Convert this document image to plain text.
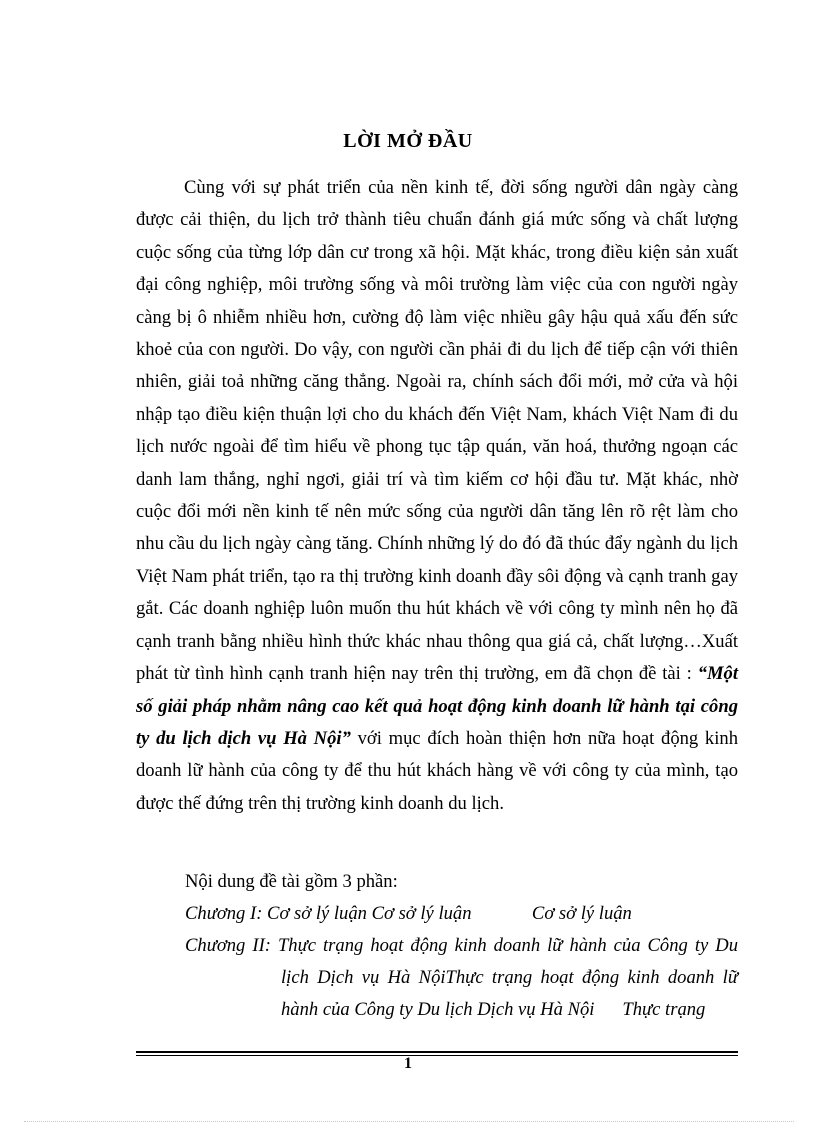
LỜI MỞ ĐẦU

Cùng với sự phát triển của nền kinh tế, đời sống người dân ngày càng được cải thiện, du lịch trở thành tiêu chuẩn đánh giá mức sống và chất lượng cuộc sống của từng lớp dân cư trong xã hội. Mặt khác, trong điều kiện sản xuất đại công nghiệp, môi trường sống và môi trường làm việc của con người ngày càng bị ô nhiễm nhiều hơn, cường độ làm việc nhiều gây hậu quả xấu đến sức khoẻ của con người. Do vậy, con người cần phải đi du lịch để tiếp cận với thiên nhiên, giải toả những căng thẳng. Ngoài ra, chính sách đổi mới, mở cửa và hội nhập tạo điều kiện thuận lợi cho du khách đến Việt Nam, khách Việt Nam đi du lịch nước ngoài để tìm hiểu về phong tục tập quán, văn hoá, thưởng ngoạn các danh lam thắng, nghỉ ngơi, giải trí và tìm kiếm cơ hội đầu tư. Mặt khác, nhờ cuộc đổi mới nền kinh tế nên mức sống của người dân tăng lên rõ rệt làm cho nhu cầu du lịch ngày càng tăng. Chính những lý do đó đã thúc đẩy ngành du lịch Việt Nam phát triển, tạo ra thị trường kinh doanh đầy sôi động và cạnh tranh gay gắt. Các doanh nghiệp luôn muốn thu hút khách về với công ty mình nên họ đã cạnh tranh bằng nhiều hình thức khác nhau thông qua giá cả, chất lượng…Xuất phát từ tình hình cạnh tranh hiện nay trên thị trường, em đã chọn đề tài : “Một số giải pháp nhằm nâng cao kết quả hoạt động kinh doanh lữ hành tại công ty du lịch dịch vụ Hà Nội” với mục đích hoàn thiện hơn nữa hoạt động kinh doanh lữ hành của công ty để thu hút khách hàng về với công ty của mình, tạo được thế đứng trên thị trường kinh doanh du lịch.

Nội dung đề tài gồm 3 phần:
Chương I: Cơ sở lý luận Cơ sở lý luận             Cơ sở lý luận
Chương II: Thực trạng hoạt động kinh doanh lữ hành của Công ty Du lịch Dịch vụ Hà NộiThực trạng hoạt động kinh doanh lữ hành của Công ty Du lịch Dịch vụ Hà Nội      Thực trạng
1
